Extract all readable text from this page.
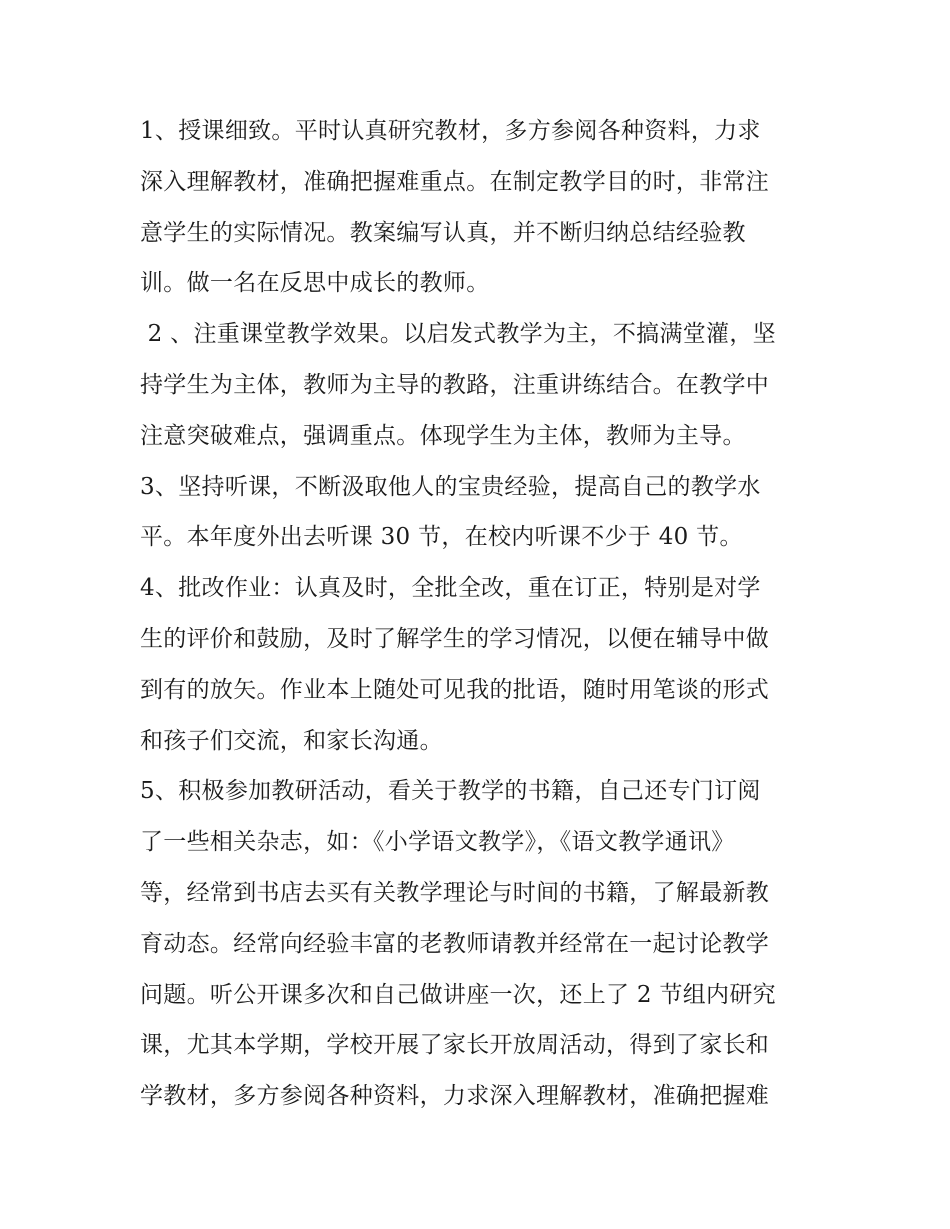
1、授课细致。平时认真研究教材，多方参阅各种资料，力求
深入理解教材，准确把握难重点。在制定教学目的时，非常注
意学生的实际情况。教案编写认真，并不断归纳总结经验教
训。做一名在反思中成长的教师。
2 、注重课堂教学效果。以启发式教学为主，不搞满堂灌，坚
持学生为主体，教师为主导的教路，注重讲练结合。在教学中
注意突破难点，强调重点。体现学生为主体，教师为主导。
3、坚持听课，不断汲取他人的宝贵经验，提高自己的教学水
平。本年度外出去听课 30 节，在校内听课不少于 40 节。
4、批改作业：认真及时，全批全改，重在订正，特别是对学
生的评价和鼓励，及时了解学生的学习情况，以便在辅导中做
到有的放矢。作业本上随处可见我的批语，随时用笔谈的形式
和孩子们交流，和家长沟通。
5、积极参加教研活动，看关于教学的书籍，自己还专门订阅
了一些相关杂志，如：《小学语文教学》，《语文教学通讯》
等，经常到书店去买有关教学理论与时间的书籍，了解最新教
育动态。经常向经验丰富的老教师请教并经常在一起讨论教学
问题。听公开课多次和自己做讲座一次，还上了 2 节组内研究
课，尤其本学期，学校开展了家长开放周活动，得到了家长和
学教材，多方参阅各种资料，力求深入理解教材，准确把握难
